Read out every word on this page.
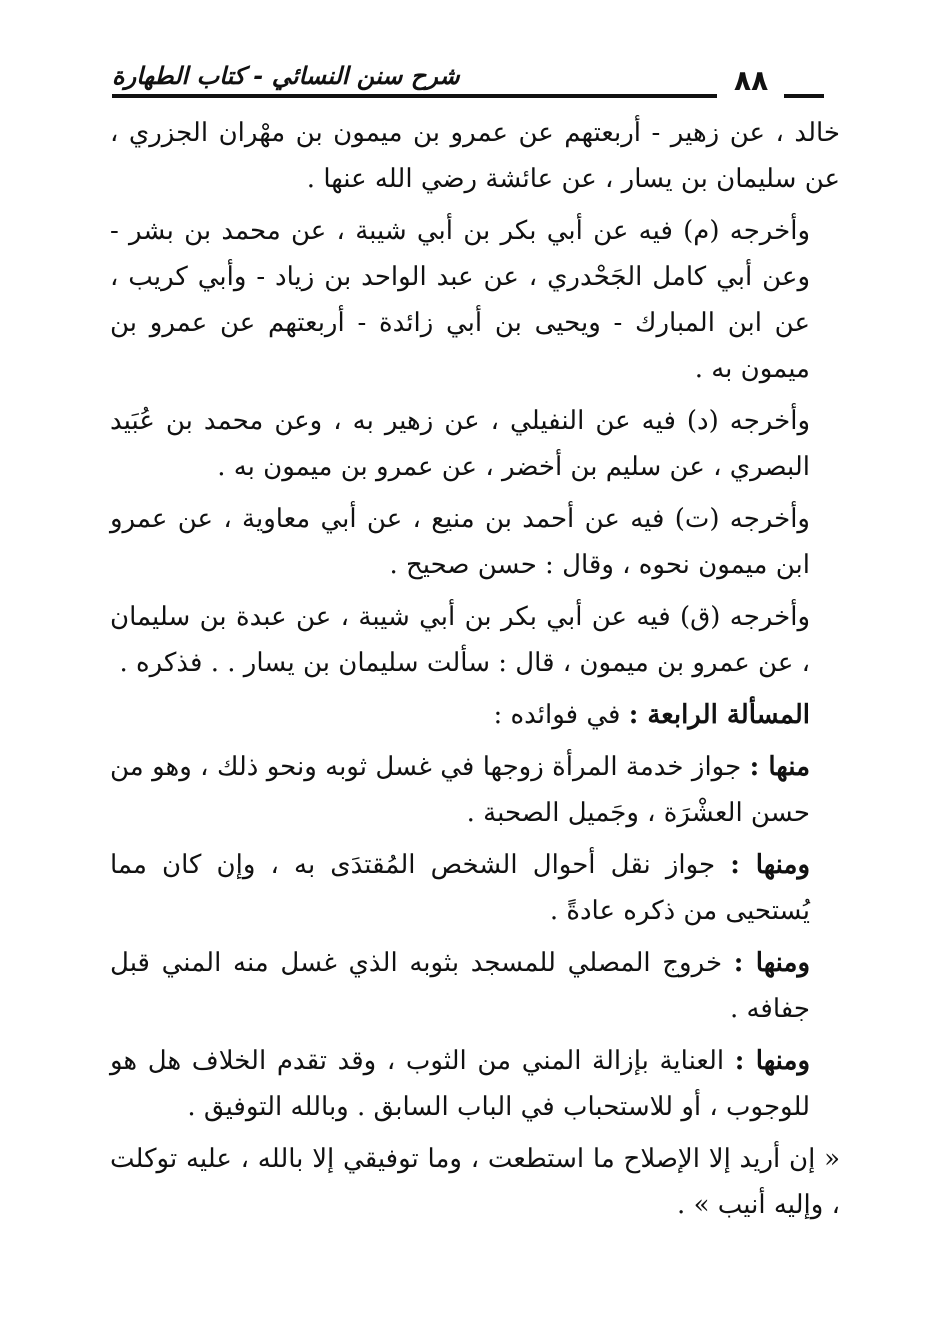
شرح سنن النسائي - كتاب الطهارة	٨٨

خالد ، عن زهير - أربعتهم عن عمرو بن ميمون بن مهْران الجزري ، عن سليمان بن يسار ، عن عائشة رضي الله عنها .

وأخرجه (م) فيه عن أبي بكر بن أبي شيبة ، عن محمد بن بشر - وعن أبي كامل الجَحْدري ، عن عبد الواحد بن زياد - وأبي كريب ، عن ابن المبارك - ويحيى بن أبي زائدة - أربعتهم عن عمرو بن ميمون به .

وأخرجه (د) فيه عن النفيلي ، عن زهير به ، وعن محمد بن عُبَيد البصري ، عن سليم بن أخضر ، عن عمرو بن ميمون به .

وأخرجه (ت) فيه عن أحمد بن منيع ، عن أبي معاوية ، عن عمرو ابن ميمون نحوه ، وقال : حسن صحيح .

وأخرجه (ق) فيه عن أبي بكر بن أبي شيبة ، عن عبدة بن سليمان ، عن عمرو بن ميمون ، قال : سألت سليمان بن يسار . . فذكره .

المسألة الرابعة : في فوائده :

منها : جواز خدمة المرأة زوجها في غسل ثوبه ونحو ذلك ، وهو من حسن العشْرَة ، وجَميل الصحبة .

ومنها : جواز نقل أحوال الشخص المُقتدَى به ، وإن كان مما يُستحيى من ذكره عادةً .

ومنها : خروج المصلي للمسجد بثوبه الذي غسل منه المني قبل جفافه .

ومنها : العناية بإزالة المني من الثوب ، وقد تقدم الخلاف هل هو للوجوب ، أو للاستحباب في الباب السابق . وبالله التوفيق .

« إن أريد إلا الإصلاح ما استطعت ، وما توفيقي إلا بالله ، عليه توكلت ، وإليه أنيب » .
